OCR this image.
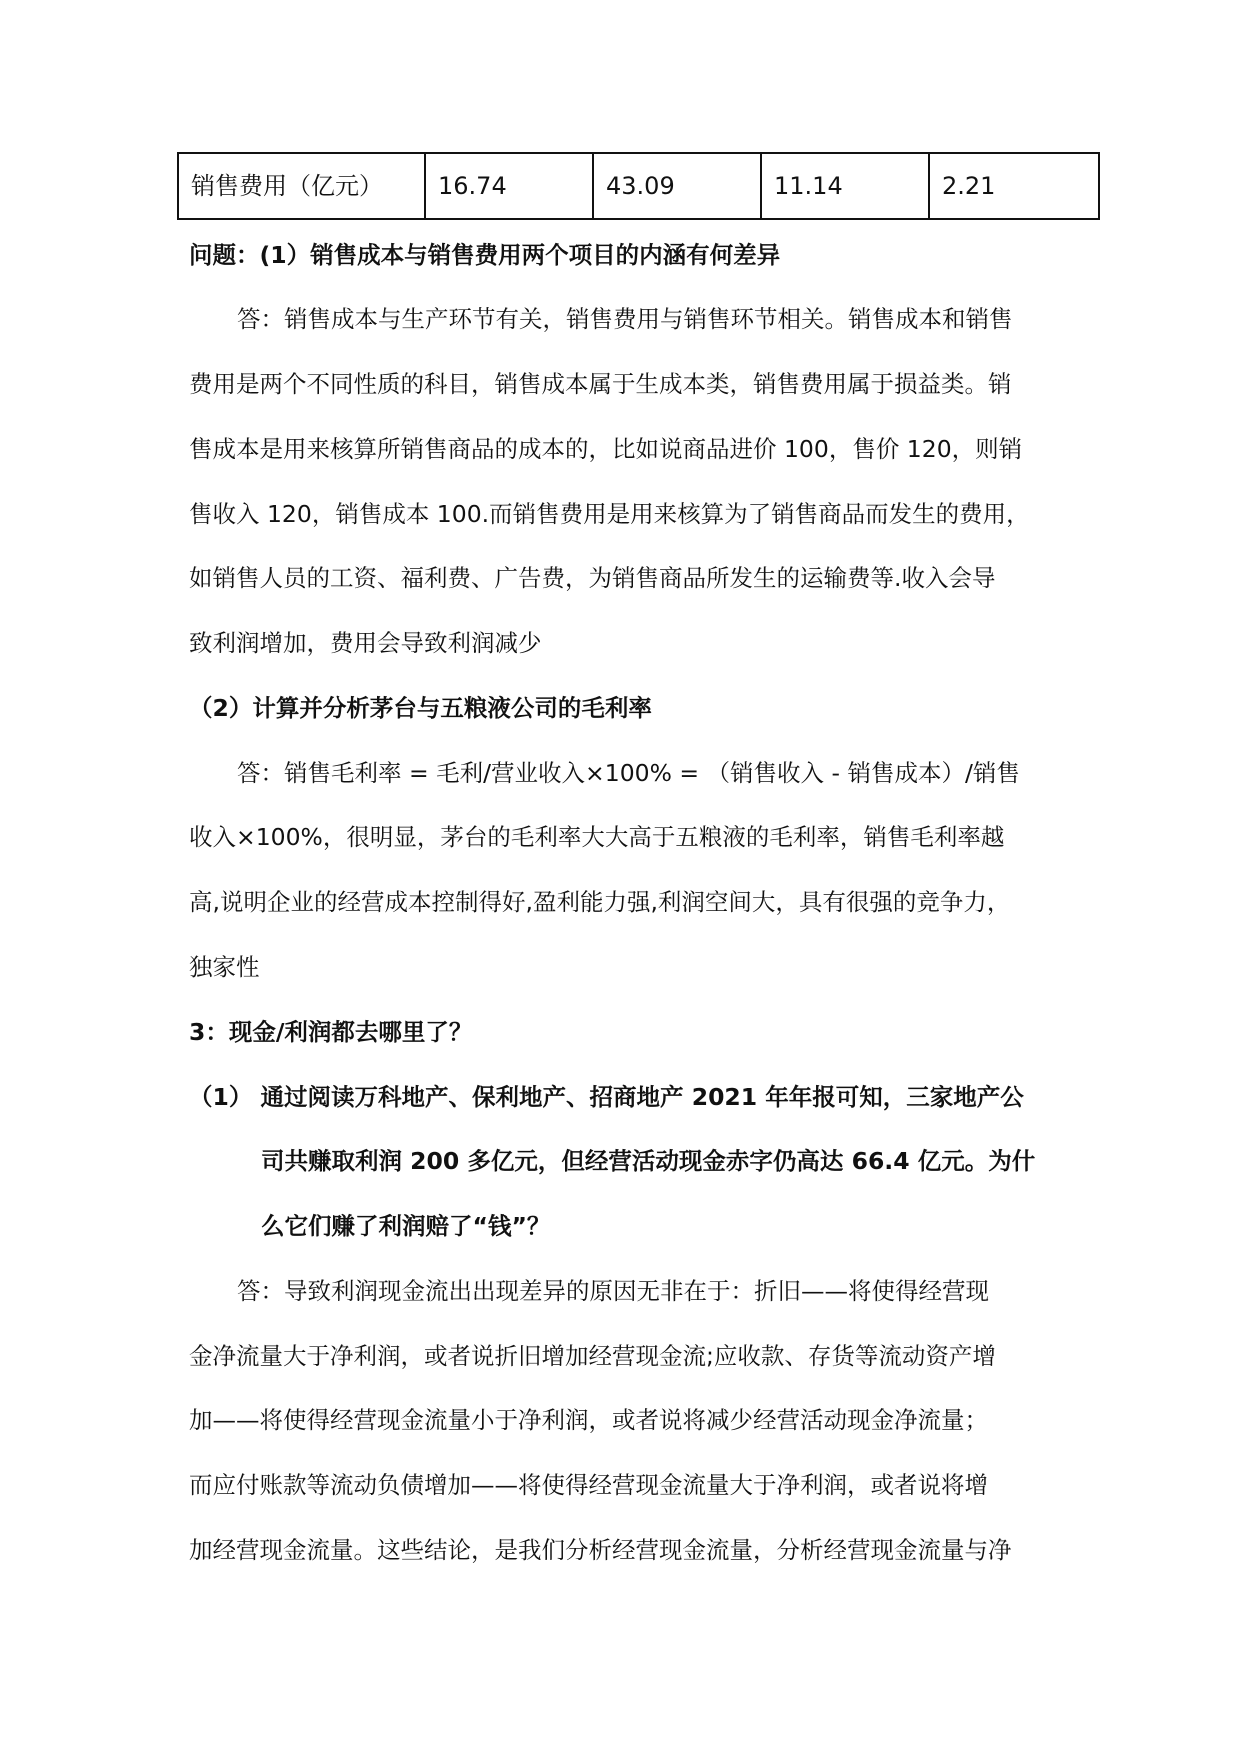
销售费用（亿元）	16.74	43.09	11.14	2.21
问题：(1）销售成本与销售费用两个项目的内涵有何差异
答：销售成本与生产环节有关，销售费用与销售环节相关。销售成本和销售
费用是两个不同性质的科目，销售成本属于生成本类，销售费用属于损益类。销
售成本是用来核算所销售商品的成本的，比如说商品进价 100，售价 120，则销
售收入 120，销售成本 100.而销售费用是用来核算为了销售商品而发生的费用，
如销售人员的工资、福利费、广告费，为销售商品所发生的运输费等.收入会导
致利润增加，费用会导致利润减少
（2）计算并分析茅台与五粮液公司的毛利率
答：销售毛利率 = 毛利/营业收入×100% = （销售收入 - 销售成本）/销售
收入×100%，很明显，茅台的毛利率大大高于五粮液的毛利率，销售毛利率越
高,说明企业的经营成本控制得好,盈利能力强,利润空间大，具有很强的竞争力，
独家性
3：现金/利润都去哪里了？
（1） 通过阅读万科地产、保利地产、招商地产 2021 年年报可知，三家地产公
司共赚取利润 200 多亿元，但经营活动现金赤字仍高达 66.4 亿元。为什
么它们赚了利润赔了“钱”？
答：导致利润现金流出出现差异的原因无非在于：折旧——将使得经营现
金净流量大于净利润，或者说折旧增加经营现金流;应收款、存货等流动资产增
加——将使得经营现金流量小于净利润，或者说将减少经营活动现金净流量；
而应付账款等流动负债增加——将使得经营现金流量大于净利润，或者说将增
加经营现金流量。这些结论，是我们分析经营现金流量，分析经营现金流量与净
